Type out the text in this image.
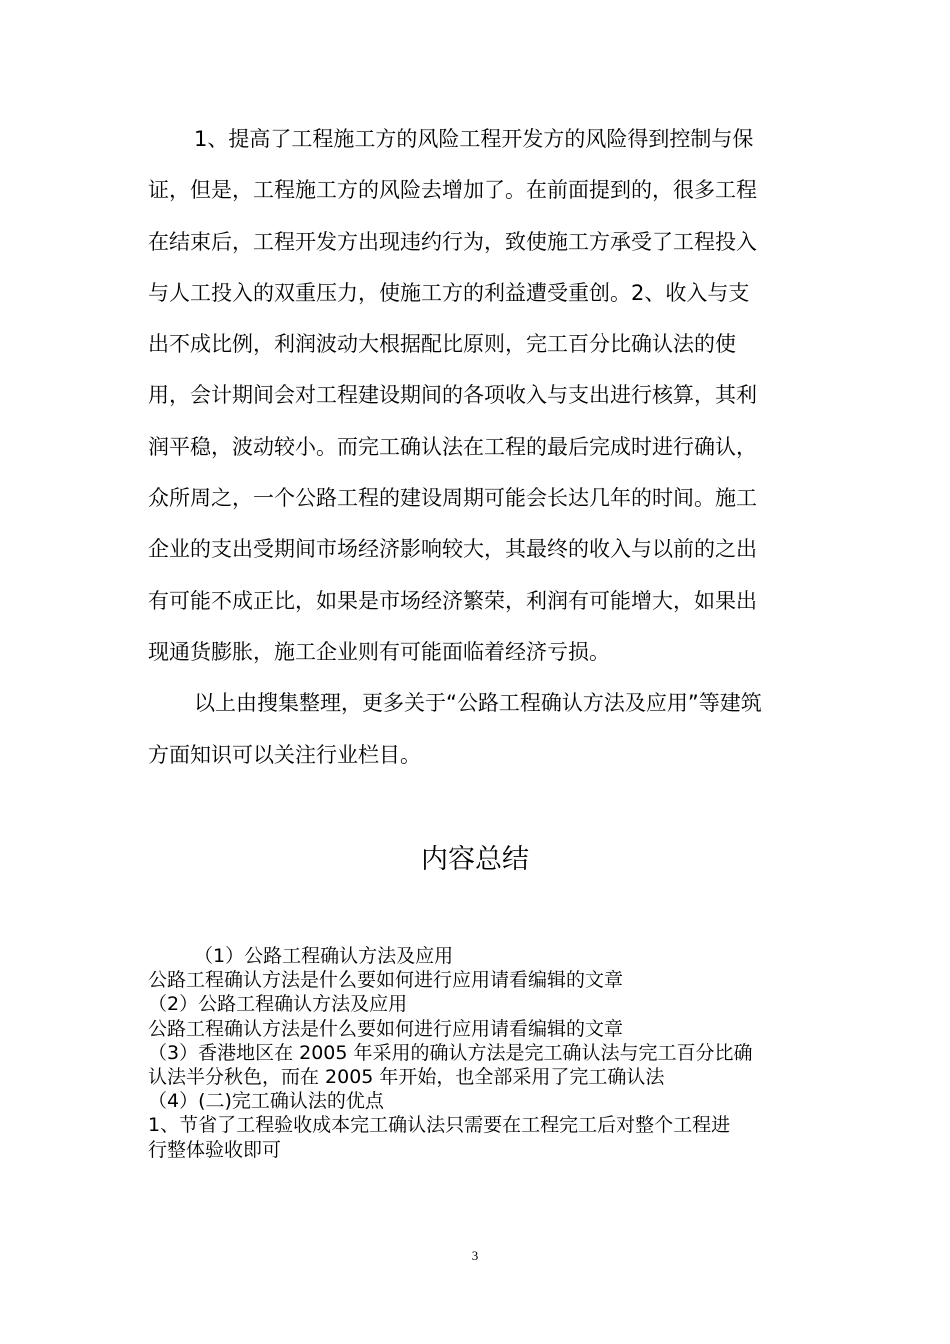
1、提高了工程施工方的风险工程开发方的风险得到控制与保
证，但是，工程施工方的风险去增加了。在前面提到的，很多工程
在结束后，工程开发方出现违约行为，致使施工方承受了工程投入
与人工投入的双重压力，使施工方的利益遭受重创。2、收入与支
出不成比例，利润波动大根据配比原则，完工百分比确认法的使
用，会计期间会对工程建设期间的各项收入与支出进行核算，其利
润平稳，波动较小。而完工确认法在工程的最后完成时进行确认，
众所周之，一个公路工程的建设周期可能会长达几年的时间。施工
企业的支出受期间市场经济影响较大，其最终的收入与以前的之出
有可能不成正比，如果是市场经济繁荣，利润有可能增大，如果出
现通货膨胀，施工企业则有可能面临着经济亏损。
以上由搜集整理，更多关于“公路工程确认方法及应用”等建筑
方面知识可以关注行业栏目。
内容总结
（1）公路工程确认方法及应用
公路工程确认方法是什么要如何进行应用请看编辑的文章
（2）公路工程确认方法及应用
公路工程确认方法是什么要如何进行应用请看编辑的文章
（3）香港地区在 2005 年采用的确认方法是完工确认法与完工百分比确
认法半分秋色，而在 2005 年开始，也全部采用了完工确认法
（4）(二)完工确认法的优点
1、节省了工程验收成本完工确认法只需要在工程完工后对整个工程进
行整体验收即可
3
